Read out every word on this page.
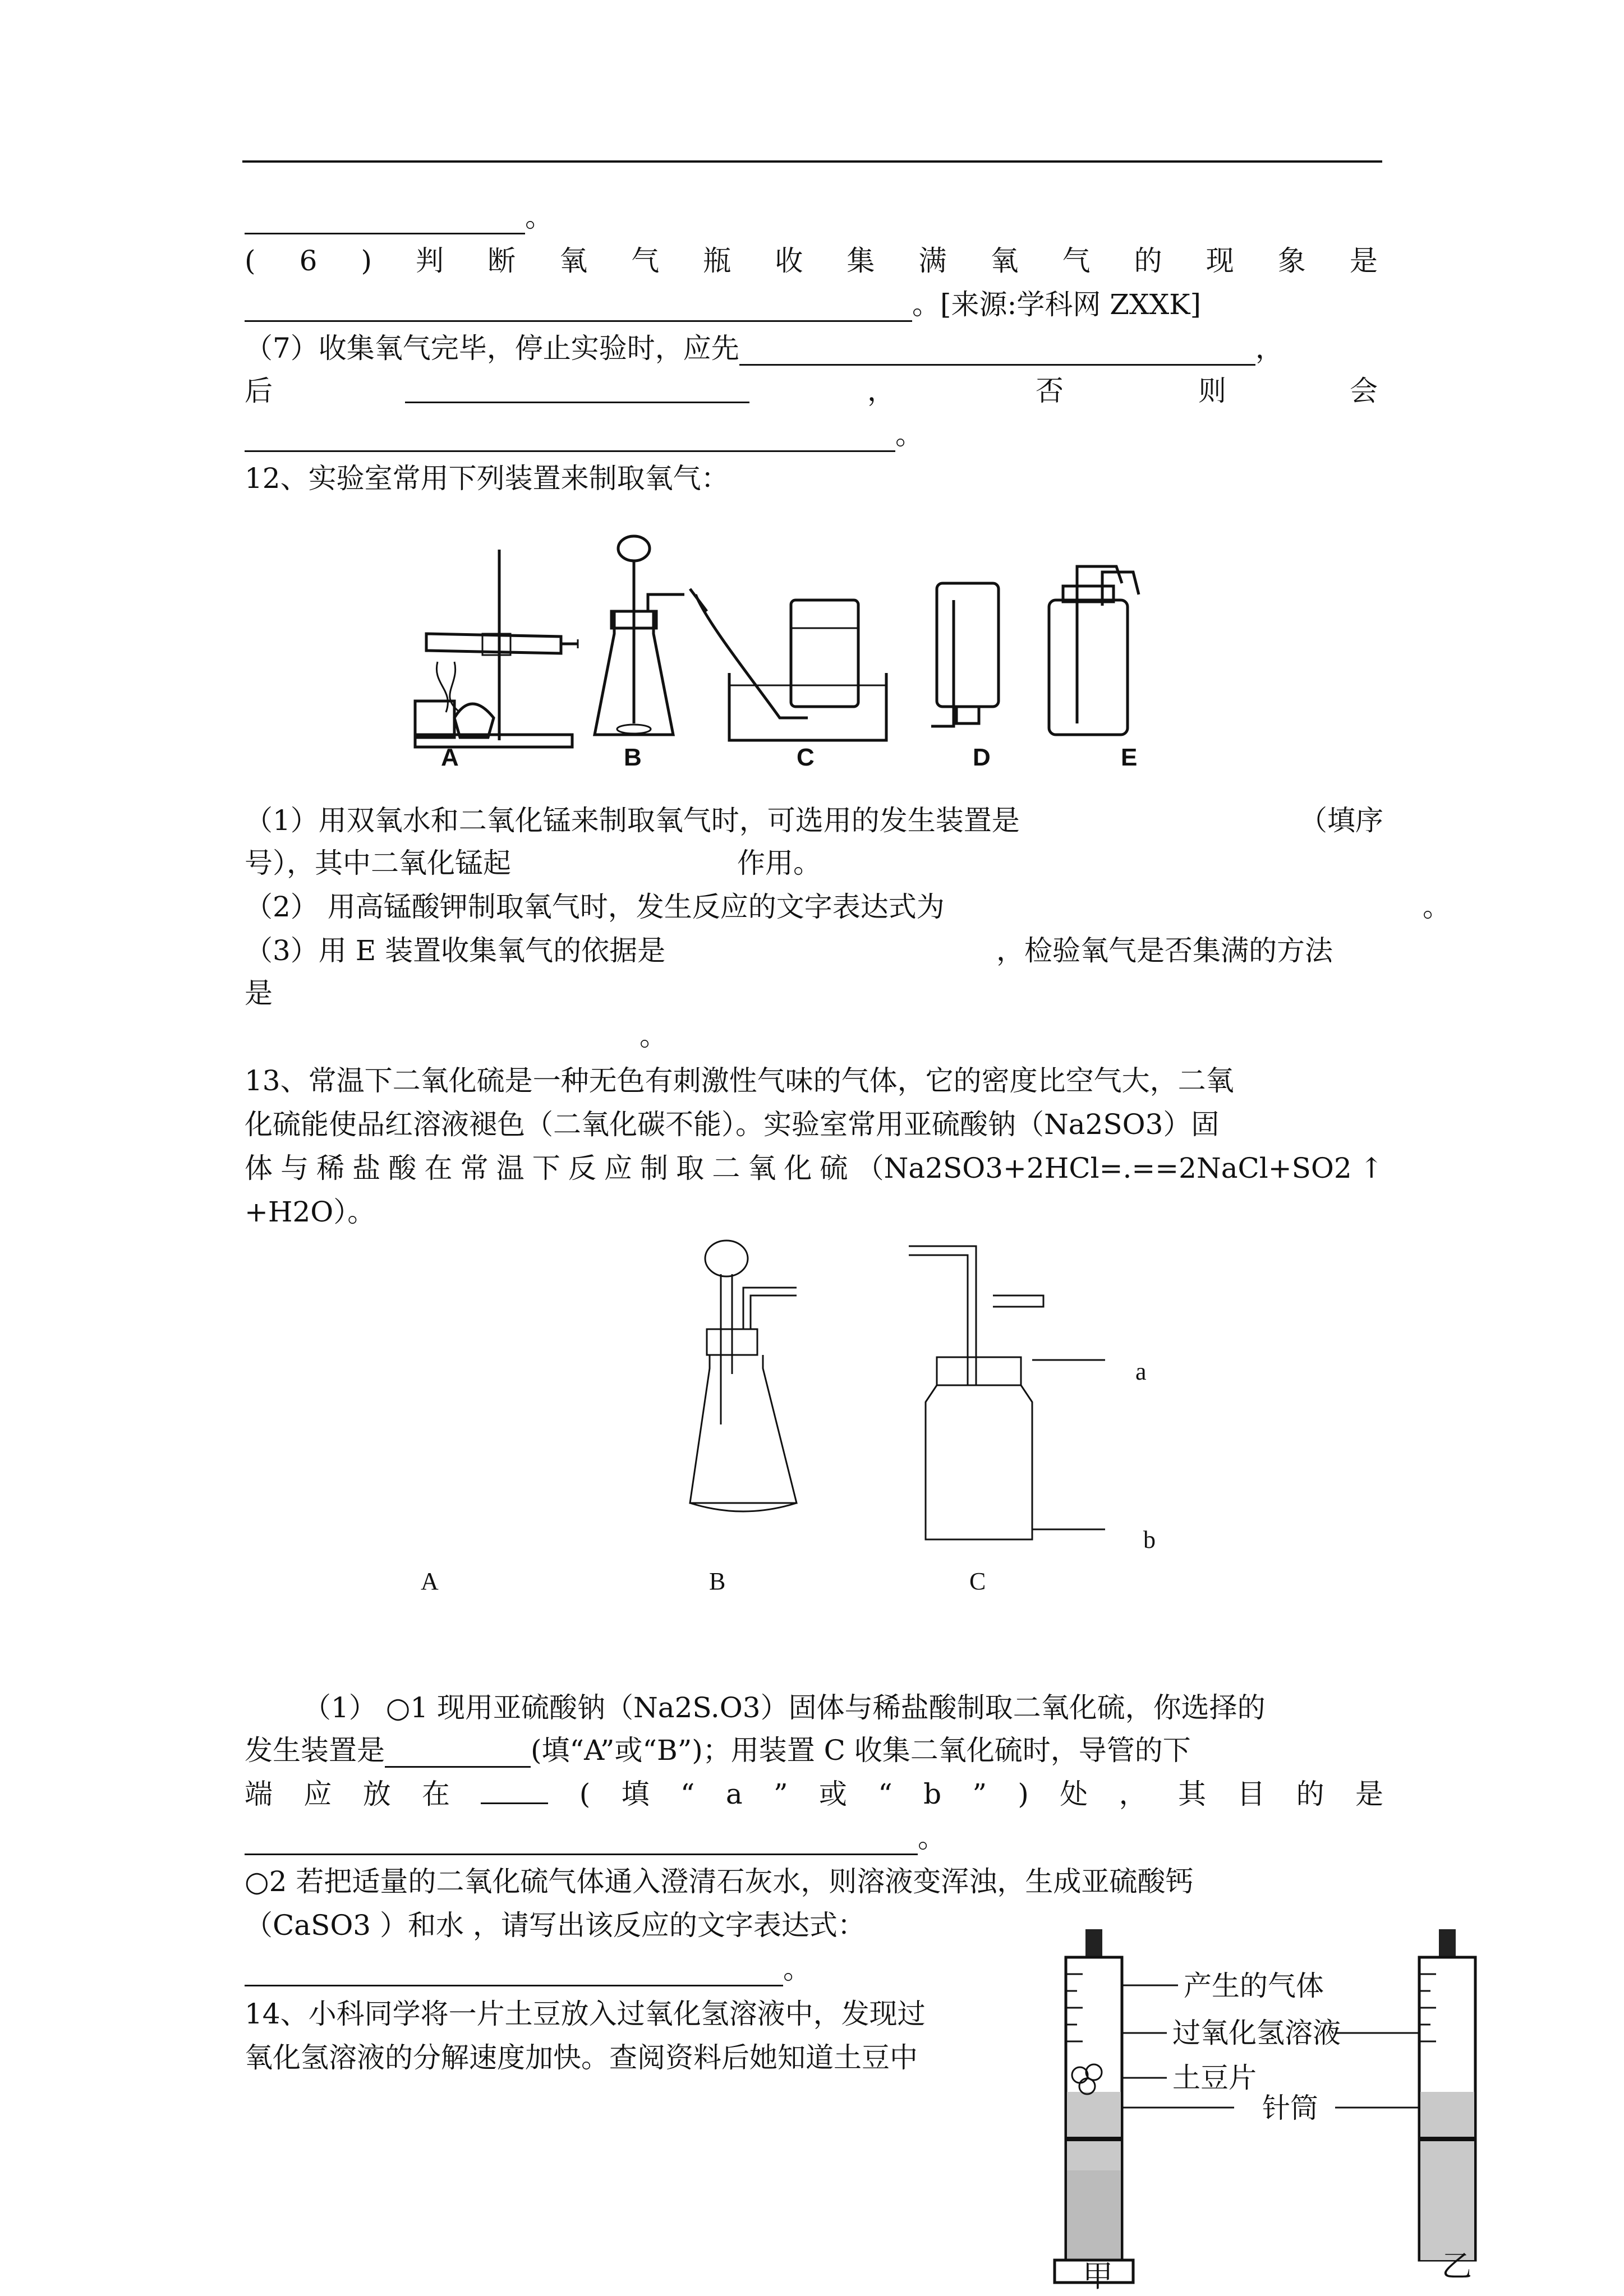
。
( 6 ) 判 断 氧 气 瓶 收 集 满 氧 气 的 现 象 是
。[来源:学科网 ZXXK]
（7）收集氧气完毕，停止实验时，应先	，
后	，	否	则	会
。
12、实验室常用下列装置来制取氧气：
A	B	C	D	E
（1）用双氧水和二氧化锰来制取氧气时，可选用的发生装置是	（填序
号），其中二氧化锰起	作用。
（2） 用高锰酸钾制取氧气时，发生反应的文字表达式为	。
（3）用 E 装置收集氧气的依据是	，检验氧气是否集满的方法
是
。
13、常温下二氧化硫是一种无色有刺激性气味的气体，它的密度比空气大，二氧
化硫能使品红溶液褪色（二氧化碳不能）。实验室常用亚硫酸钠（Na2SO3）固
体 与 稀 盐 酸 在 常 温 下 反 应 制 取 二 氧 化 硫 （Na2SO3+2HCl=.==2NaCl+SO2 ↑
+H2O）。
a
b
A	B	C
（1） ○1 现用亚硫酸钠（Na2S.O3）固体与稀盐酸制取二氧化硫，你选择的
发生装置是	(填“A”或“B”)；用装置 C 收集二氧化硫时，导管的下
端 应 放 在	( 填 “ a ” 或 “ b ” ) 处 ， 其 目 的 是
。
○2 若把适量的二氧化硫气体通入澄清石灰水，则溶液变浑浊，生成亚硫酸钙
（CaSO3 ）和水 ，请写出该反应的文字表达式：
。
14、小科同学将一片土豆放入过氧化氢溶液中，发现过
氧化氢溶液的分解速度加快。查阅资料后她知道土豆中
产生的气体
过氧化氢溶液
土豆片
针筒
甲	乙
